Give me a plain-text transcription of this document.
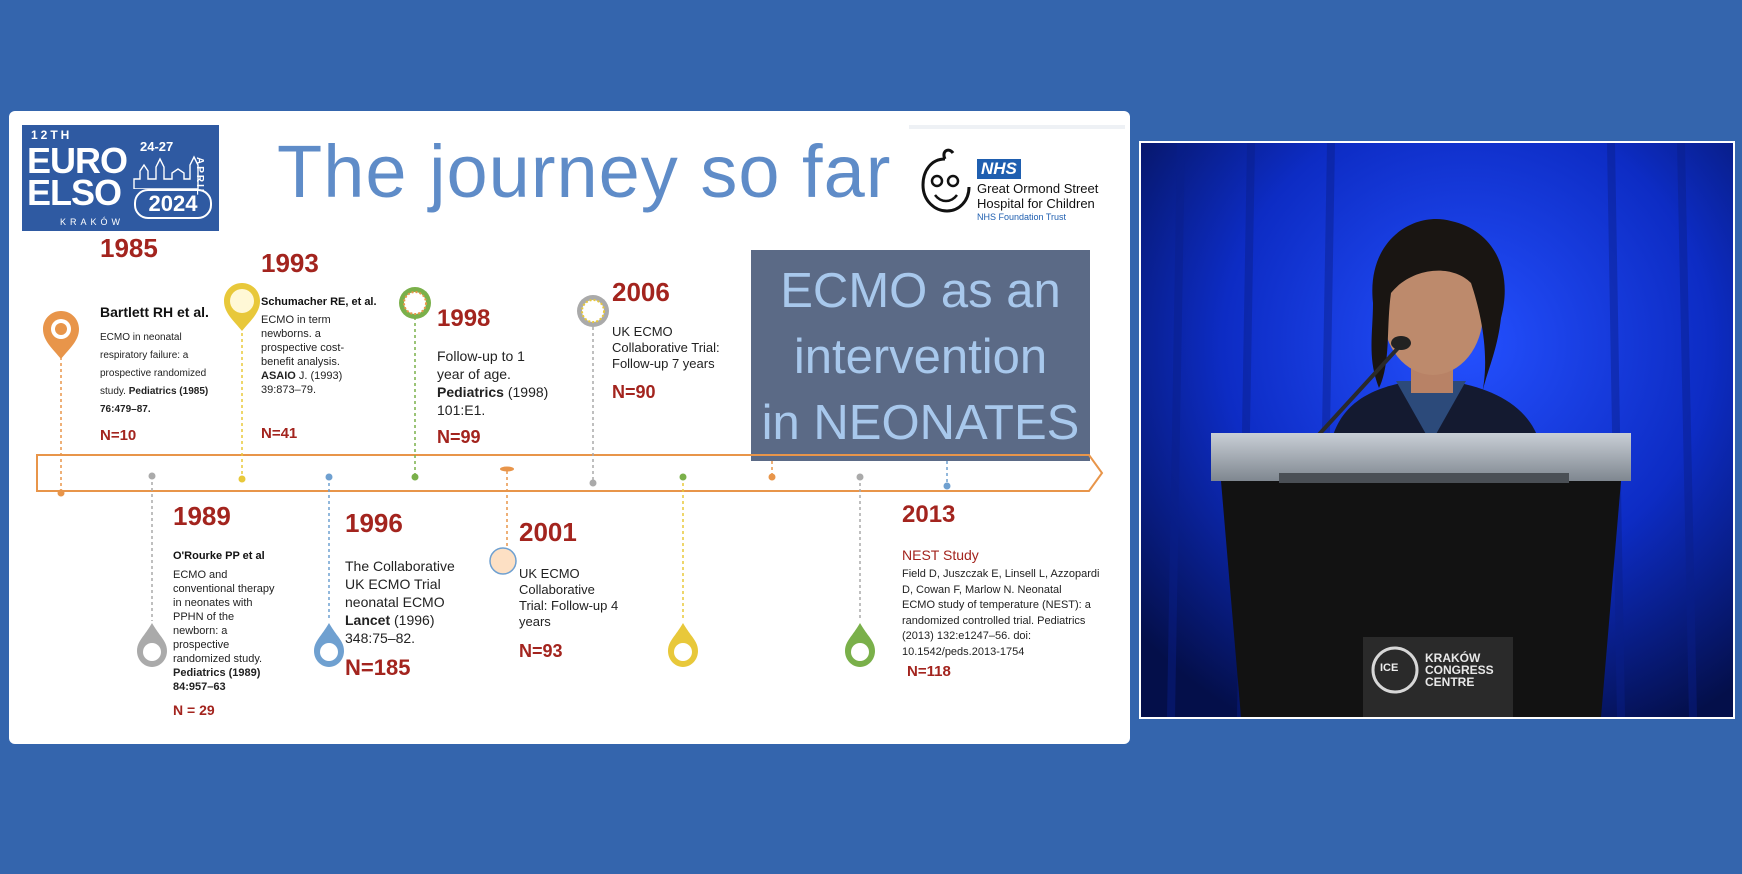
12TH
EURO
ELSO
24-27
APRIL
2024
KRAKÓW
The journey so far	NHS
Great Ormond Street
Hospital for Children
NHS Foundation Trust
ECMO as an
intervention
in NEONATES
1985
Bartlett RH et al.
ECMO in neonatal
respiratory failure: a
prospective randomized
study. Pediatrics (1985)
76:479–87.
N=10
1993
Schumacher RE, et al.
ECMO in term
newborns. a
prospective cost-
benefit analysis.
ASAIO J. (1993)
39:873–79.
N=41
1998
Follow-up to 1
year of age.
Pediatrics (1998)
101:E1.
N=99
2006
UK ECMO
Collaborative Trial:
Follow-up 7 years
N=90
1989
O'Rourke PP et al
ECMO and
conventional therapy
in neonates with
PPHN of the
newborn: a
prospective
randomized study.
Pediatrics (1989)
84:957–63
N = 29
1996
The Collaborative
UK ECMO Trial
neonatal ECMO
Lancet (1996)
348:75–82.
N=185
2001
UK ECMO
Collaborative
Trial: Follow-up 4
years
N=93
2013
NEST Study
Field D, Juszczak E, Linsell L, Azzopardi
D, Cowan F, Marlow N. Neonatal
ECMO study of temperature (NEST): a
randomized controlled trial. Pediatrics
(2013) 132:e1247–56. doi:
10.1542/peds.2013-1754
N=118	ICE
KRAKÓW
CONGRESS
CENTRE
